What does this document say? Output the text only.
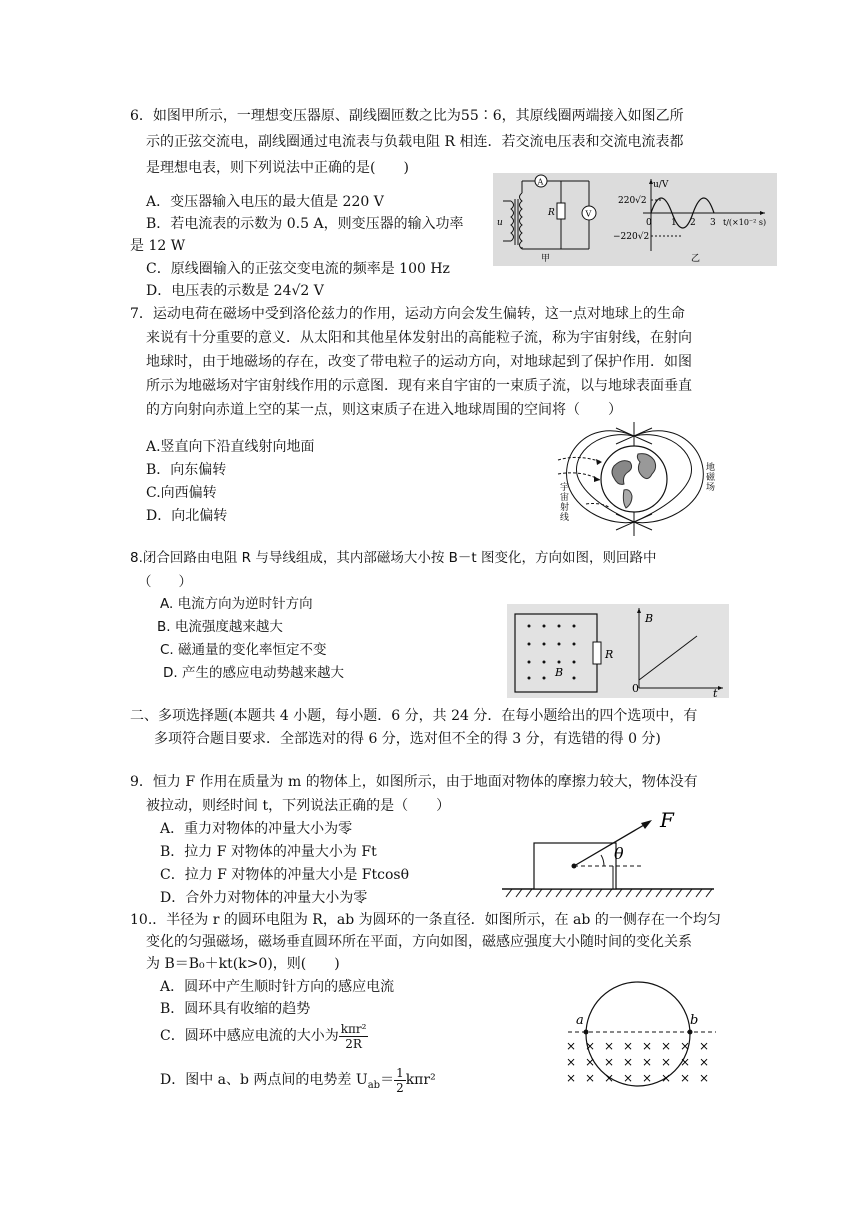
6．如图甲所示，一理想变压器原、副线圈匝数之比为55∶6，其原线圈两端接入如图乙所
示的正弦交流电，副线圈通过电流表与负载电阻 R 相连．若交流电压表和交流电流表都
是理想电表，则下列说法中正确的是(　　)
A．变压器输入电压的最大值是 220 V
B．若电流表的示数为 0.5 A，则变压器的输入功率
是 12 W
C．原线圈输入的正弦交变电流的频率是 100 Hz
D．电压表的示数是 24√2 V
u
A
R	V
甲
u/V
220√2
−220√2
0 1 2 3 t/(×10⁻² s)
乙
7．运动电荷在磁场中受到洛伦兹力的作用，运动方向会发生偏转，这一点对地球上的生命
来说有十分重要的意义．从太阳和其他星体发射出的高能粒子流，称为宇宙射线，在射向
地球时，由于地磁场的存在，改变了带电粒子的运动方向，对地球起到了保护作用．如图
所示为地磁场对宇宙射线作用的示意图．现有来自宇宙的一束质子流，以与地球表面垂直
的方向射向赤道上空的某一点，则这束质子在进入地球周围的空间将（　　）
A.竖直向下沿直线射向地面
B．向东偏转
C.向西偏转
D．向北偏转
宇
宙
射
线
地
磁
场
8.闭合回路由电阻 R 与导线组成，其内部磁场大小按 B－t 图变化，方向如图，则回路中
（　　）
A. 电流方向为逆时针方向
B. 电流强度越来越大
C. 磁通量的变化率恒定不变
D. 产生的感应电动势越来越大
R
B
B
t
0
二、多项选择题(本题共 4 小题，每小题．6 分，共 24 分．在每小题给出的四个选项中，有
多项符合题目要求．全部选对的得 6 分，选对但不全的得 3 分，有选错的得 0 分)
9．恒力 F 作用在质量为 m 的物体上，如图所示，由于地面对物体的摩擦力较大，物体没有
被拉动，则经时间 t，下列说法正确的是（　　）
A．重力对物体的冲量大小为零
B．拉力 F 对物体的冲量大小为 Ft
C．拉力 F 对物体的冲量大小是 Ftcosθ
D．合外力对物体的冲量大小为零
F
θ
10.．半径为 r 的圆环电阻为 R，ab 为圆环的一条直径．如图所示，在 ab 的一侧存在一个均匀
变化的匀强磁场，磁场垂直圆环所在平面，方向如图，磁感应强度大小随时间的变化关系
为 B＝B₀＋kt(k>0)，则(　　)
A．圆环中产生顺时针方向的感应电流
B．圆环具有收缩的趋势
C．圆环中感应电流的大小为 $\frac{\text{kπr²}}{2R}$
D．图中 a、b 两点间的电势差 $U_{ab}= \frac{1}{2} k\pi r^2$
a	b
× × × × × × × ×
× × × × × × × ×
× × × × × × × ×
